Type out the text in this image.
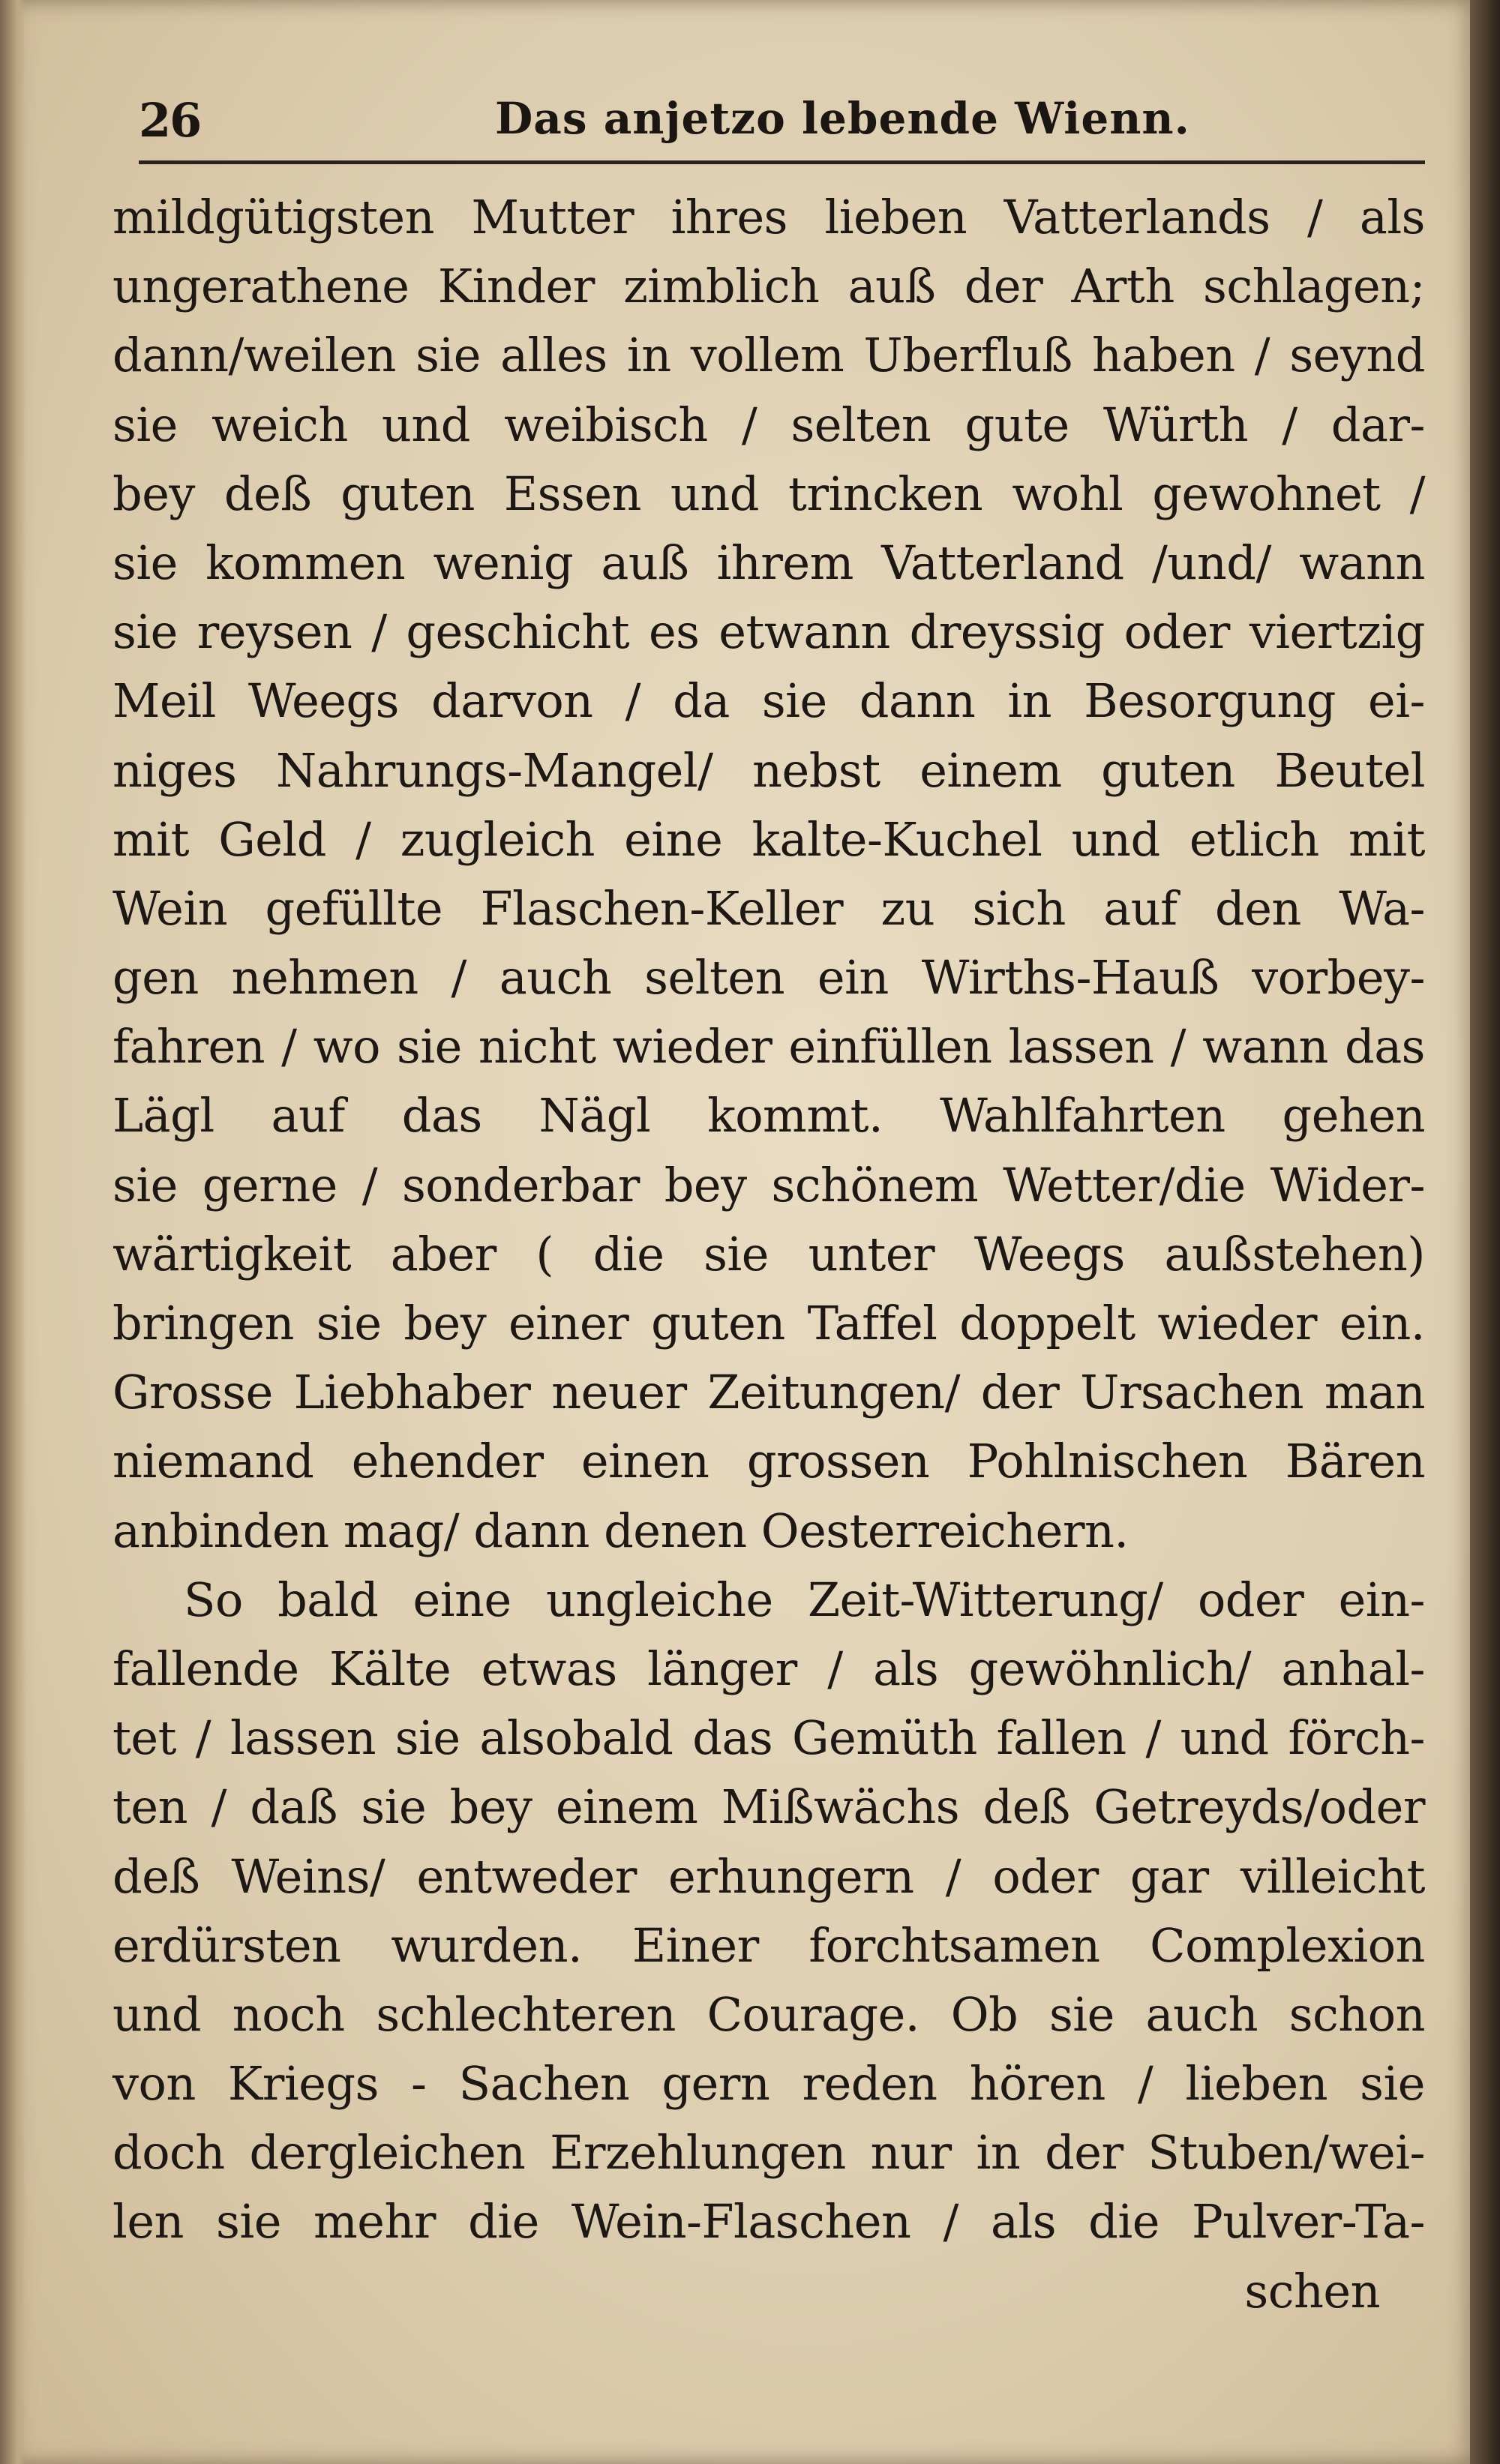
26	Das anjetzo lebende Wienn.
mildgütigsten Mutter ihres lieben Vatterlands / als
ungerathene Kinder zimblich auß der Arth schlagen;
dann/weilen sie alles in vollem Uberfluß haben / seynd
sie weich und weibisch / selten gute Würth / dar-
bey deß guten Essen und trincken wohl gewohnet /
sie kommen wenig auß ihrem Vatterland /und/ wann
sie reysen / geschicht es etwann dreyssig oder viertzig
Meil Weegs darvon / da sie dann in Besorgung ei-
niges Nahrungs-Mangel/ nebst einem guten Beutel
mit Geld / zugleich eine kalte-Kuchel und etlich mit
Wein gefüllte Flaschen-Keller zu sich auf den Wa-
gen nehmen / auch selten ein Wirths-Hauß vorbey-
fahren / wo sie nicht wieder einfüllen lassen / wann das
Lägl auf das Nägl kommt. Wahlfahrten gehen
sie gerne / sonderbar bey schönem Wetter/die Wider-
wärtigkeit aber ( die sie unter Weegs außstehen)
bringen sie bey einer guten Taffel doppelt wieder ein.
Grosse Liebhaber neuer Zeitungen/ der Ursachen man
niemand ehender einen grossen Pohlnischen Bären
anbinden mag/ dann denen Oesterreichern.
So bald eine ungleiche Zeit-Witterung/ oder ein-
fallende Kälte etwas länger / als gewöhnlich/ anhal-
tet / lassen sie alsobald das Gemüth fallen / und förch-
ten / daß sie bey einem Mißwächs deß Getreyds/oder
deß Weins/ entweder erhungern / oder gar villeicht
erdürsten wurden. Einer forchtsamen Complexion
und noch schlechteren Courage. Ob sie auch schon
von Kriegs - Sachen gern reden hören / lieben sie
doch dergleichen Erzehlungen nur in der Stuben/wei-
len sie mehr die Wein-Flaschen / als die Pulver-Ta-
schen
